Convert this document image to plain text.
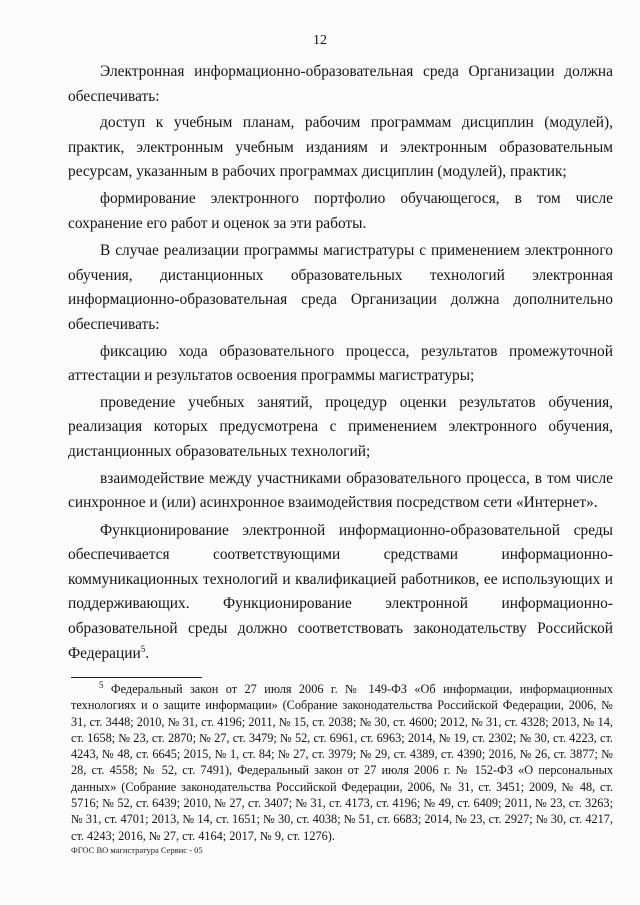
12

Электронная информационно-образовательная среда Организации должна обеспечивать:

доступ к учебным планам, рабочим программам дисциплин (модулей), практик, электронным учебным изданиям и электронным образовательным ресурсам, указанным в рабочих программах дисциплин (модулей), практик;

формирование электронного портфолио обучающегося, в том числе сохранение его работ и оценок за эти работы.

В случае реализации программы магистратуры с применением электронного обучения, дистанционных образовательных технологий электронная информационно-образовательная среда Организации должна дополнительно обеспечивать:

фиксацию хода образовательного процесса, результатов промежуточной аттестации и результатов освоения программы магистратуры;

проведение учебных занятий, процедур оценки результатов обучения, реализация которых предусмотрена с применением электронного обучения, дистанционных образовательных технологий;

взаимодействие между участниками образовательного процесса, в том числе синхронное и (или) асинхронное взаимодействия посредством сети «Интернет».

Функционирование электронной информационно-образовательной среды обеспечивается соответствующими средствами информационно-коммуникационных технологий и квалификацией работников, ее использующих и поддерживающих. Функционирование электронной информационно-образовательной среды должно соответствовать законодательству Российской Федерации$^5$.

$^5$ Федеральный закон от 27 июля 2006 г. № 149-ФЗ «Об информации, информационных технологиях и о защите информации» (Собрание законодательства Российской Федерации, 2006, № 31, ст. 3448; 2010, № 31, ст. 4196; 2011, № 15, ст. 2038; № 30, ст. 4600; 2012, № 31, ст. 4328; 2013, № 14, ст. 1658; № 23, ст. 2870; № 27, ст. 3479; № 52, ст. 6961, ст. 6963; 2014, № 19, ст. 2302; № 30, ст. 4223, ст. 4243, № 48, ст. 6645; 2015, № 1, ст. 84; № 27, ст. 3979; № 29, ст. 4389, ст. 4390; 2016, № 26, ст. 3877; № 28, ст. 4558; № 52, ст. 7491), Федеральный закон от 27 июля 2006 г. № 152-ФЗ «О персональных данных» (Собрание законодательства Российской Федерации, 2006, № 31, ст. 3451; 2009, № 48, ст. 5716; № 52, ст. 6439; 2010, № 27, ст. 3407; № 31, ст. 4173, ст. 4196; № 49, ст. 6409; 2011, № 23, ст. 3263; № 31, ст. 4701; 2013, № 14, ст. 1651; № 30, ст. 4038; № 51, ст. 6683; 2014, № 23, ст. 2927; № 30, ст. 4217, ст. 4243; 2016, № 27, ст. 4164; 2017, № 9, ст. 1276).

ФГОС ВО магистратура Сервис - 05
